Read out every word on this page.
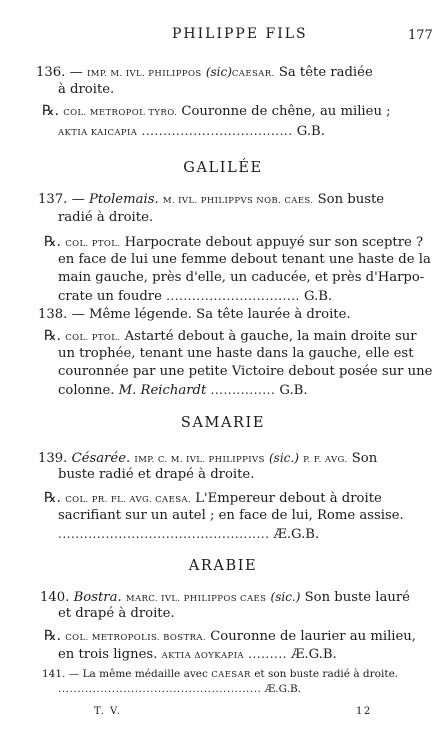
PHILIPPE FILS	177
136. — IMP. M. IVL. PHILIPPOS (sic)CAESAR. Sa tête radiée
à droite.
℞. COL. METROPOL TYRO. Couronne de chêne, au milieu ;
AKTIA KAICAPIA ................................... G.B.
GALILÉE
137. — Ptolemais. M. IVL. PHILIPPVS NOB. CAES. Son buste
radié à droite.
℞. COL. PTOL. Harpocrate debout appuyé sur son sceptre ?
en face de lui une femme debout tenant une haste de la
main gauche, près d'elle, un caducée, et près d'Harpo-
crate un foudre ............................... G.B.
138. — Même légende. Sa tête laurée à droite.
℞. COL. PTOL. Astarté debout à gauche, la main droite sur
un trophée, tenant une haste dans la gauche, elle est
couronnée par une petite Victoire debout posée sur une
colonne. M. Reichardt ............... G.B.
SAMARIE
139. Césarée. IMP. C. M. IVL. PHILIPPIVS (sic.) P. F. AVG. Son
buste radié et drapé à droite.
℞. COL. PR. FL. AVG. CAESA. L'Empereur debout à droite
sacrifiant sur un autel ; en face de lui, Rome assise.
................................................. Æ.G.B.
ARABIE
140. Bostra. MARC. IVL. PHILIPPOS CAES (sic.) Son buste lauré
et drapé à droite.
℞. COL. METROPOLIS. BOSTRA. Couronne de laurier au milieu,
en trois lignes. AKTIA ΔΟΥΚΑΡΙΑ ......... Æ.G.B.
141. — La même médaille avec CAESAR et son buste radié à droite.
..................................................... Æ.G.B.
T. V.	12
